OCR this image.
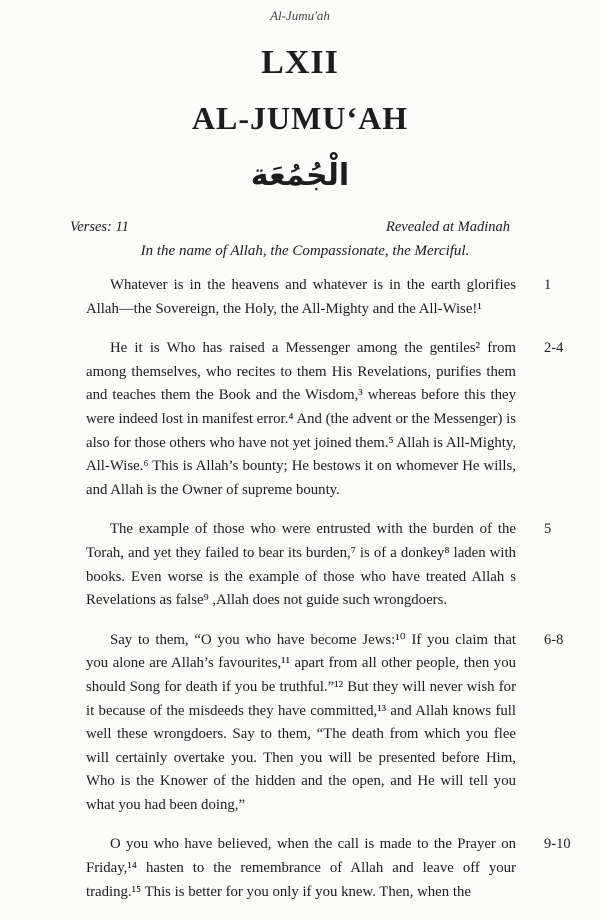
Al-Jumu'ah
LXII
AL-JUMU‘AH
الْجُمُعَة
Verses: 11	Revealed at Madinah
In the name of Allah, the Compassionate, the Merciful.

Whatever is in the heavens and whatever is in the earth glorifies Allah—the Sovereign, the Holy, the All-Mighty and the All-Wise!¹
1

He it is Who has raised a Messenger among the gentiles² from among themselves, who recites to them His Revelations, purifies them and teaches them the Book and the Wisdom,³ whereas before this they were indeed lost in manifest error.⁴ And (the advent or the Messenger) is also for those others who have not yet joined them.⁵ Allah is All-Mighty, All-Wise.⁶ This is Allah’s bounty; He bestows it on whomever He wills, and Allah is the Owner of supreme bounty.
2-4

The example of those who were entrusted with the burden of the Torah, and yet they failed to bear its burden,⁷ is of a donkey⁸ laden with books. Even worse is the example of those who have treated Allah s Revelations as false⁹ ,Allah does not guide such wrongdoers.
5

Say to them, “O you who have become Jews:¹⁰ If you claim that you alone are Allah’s favourites,¹¹ apart from all other people, then you should Song for death if you be truthful.”¹² But they will never wish for it because of the misdeeds they have committed,¹³ and Allah knows full well these wrongdoers. Say to them, “The death from which you flee will certainly overtake you. Then you will be presented before Him, Who is the Knower of the hidden and the open, and He will tell you what you had been doing,”
6-8

O you who have believed, when the call is made to the Prayer on Friday,¹⁴ hasten to the remembrance of Allah and leave off your trading.¹⁵ This is better for you only if you knew. Then, when the
9-10
